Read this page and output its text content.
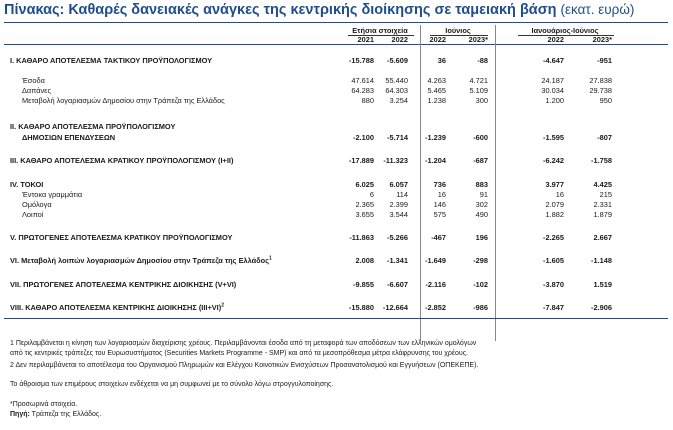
Πίνακας: Καθαρές δανειακές ανάγκες της κεντρικής διοίκησης σε ταμειακή βάση (εκατ. ευρώ)
Ετήσια στοιχεία	Ιούνιος	Ιανουάριος-Ιούνιος
2021	2022	2022	2023*	2022	2023*
I. ΚΑΘΑΡΟ ΑΠΟΤΕΛΕΣΜΑ ΤΑΚΤΙΚΟΥ ΠΡΟΫΠΟΛΟΓΙΣΜΟΥ	-15.788	-5.609	36	-88	-4.647	-951
Έσοδα	47.614	55.440	4.263	4.721	24.187	27.838
Δαπάνες	64.283	64.303	5.465	5.109	30.034	29.738
Μεταβολή λογαριασμών Δημοσίου στην Τράπεζα της Ελλάδος	880	3.254	1.238	300	1.200	950
II. ΚΑΘΑΡΟ ΑΠΟΤΕΛΕΣΜΑ ΠΡΟΫΠΟΛΟΓΙΣΜΟΥ
ΔΗΜΟΣΙΩΝ ΕΠΕΝΔΥΣΕΩΝ	-2.100	-5.714	-1.239	-600	-1.595	-807
III. ΚΑΘΑΡΟ ΑΠΟΤΕΛΕΣΜΑ ΚΡΑΤΙΚΟΥ ΠΡΟΫΠΟΛΟΓΙΣΜΟΥ (I+II)	-17.889	-11.323	-1.204	-687	-6.242	-1.758
IV. ΤΟΚΟΙ	6.025	6.057	736	883	3.977	4.425
Έντοκα γραμμάτια	6	114	16	91	16	215
Ομόλογα	2.365	2.399	146	302	2.079	2.331
Λοιποί	3.655	3.544	575	490	1.882	1.879
V. ΠΡΩΤΟΓΕΝΕΣ ΑΠΟΤΕΛΕΣΜΑ ΚΡΑΤΙΚΟΥ ΠΡΟΫΠΟΛΟΓΙΣΜΟΥ	-11.863	-5.266	-467	196	-2.265	2.667
VI. Μεταβολή λοιπών λογαριασμών Δημοσίου στην Τράπεζα της Ελλάδος$^1$	2.008	-1.341	-1.649	-298	-1.605	-1.148
VII. ΠΡΩΤΟΓΕΝΕΣ ΑΠΟΤΕΛΕΣΜΑ ΚΕΝΤΡΙΚΗΣ ΔΙΟΙΚΗΣΗΣ (V+VI)	-9.855	-6.607	-2.116	-102	-3.870	1.519
VIII. ΚΑΘΑΡΟ ΑΠΟΤΕΛΕΣΜΑ ΚΕΝΤΡΙΚΗΣ ΔΙΟΙΚΗΣΗΣ $(III+VI)^2$	-15.880	-12.664	-2.852	-986	-7.847	-2.906
1 Περιλαμβάνεται η κίνηση των λογαριασμών διαχείρισης χρέους. Περιλαμβάνονται έσοδα από τη μεταφορά των αποδόσεων των ελληνικών ομολόγων
από τις κεντρικές τράπεζες του Ευρωσυστήματος (Securities Markets Programme - SMP) και από τα μεσοπρόθεσμα μέτρα ελάφρυνσης του χρέους.
2 Δεν περιλαμβάνεται το αποτέλεσμα του Οργανισμού Πληρωμών και Ελέγχου Κοινοτικών Ενισχύσεων Προσανατολισμού και Εγγυήσεων (ΟΠΕΚΕΠΕ).
Το άθροισμα των επιμέρους στοιχείων ενδέχεται να μη συμφωνεί με το σύνολο λόγω στρογγυλοποίησης.
*Προσωρινά στοιχεία.
Πηγή: Τράπεζα της Ελλάδος.
